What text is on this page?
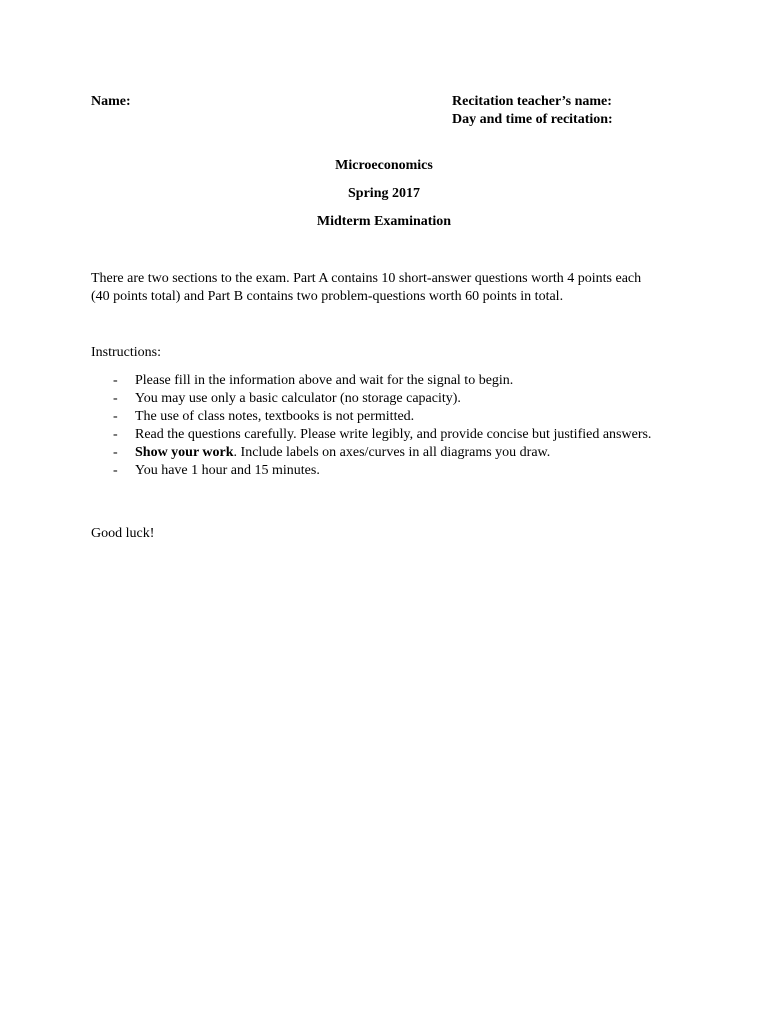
Name:	Recitation teacher’s name:
Day and time of recitation:
Microeconomics
Spring 2017
Midterm Examination
There are two sections to the exam. Part A contains 10 short-answer questions worth 4 points each (40 points total) and Part B contains two problem-questions worth 60 points in total.
Instructions:
- Please fill in the information above and wait for the signal to begin.
- You may use only a basic calculator (no storage capacity).
- The use of class notes, textbooks is not permitted.
- Read the questions carefully. Please write legibly, and provide concise but justified answers.
- Show your work. Include labels on axes/curves in all diagrams you draw.
- You have 1 hour and 15 minutes.
Good luck!
